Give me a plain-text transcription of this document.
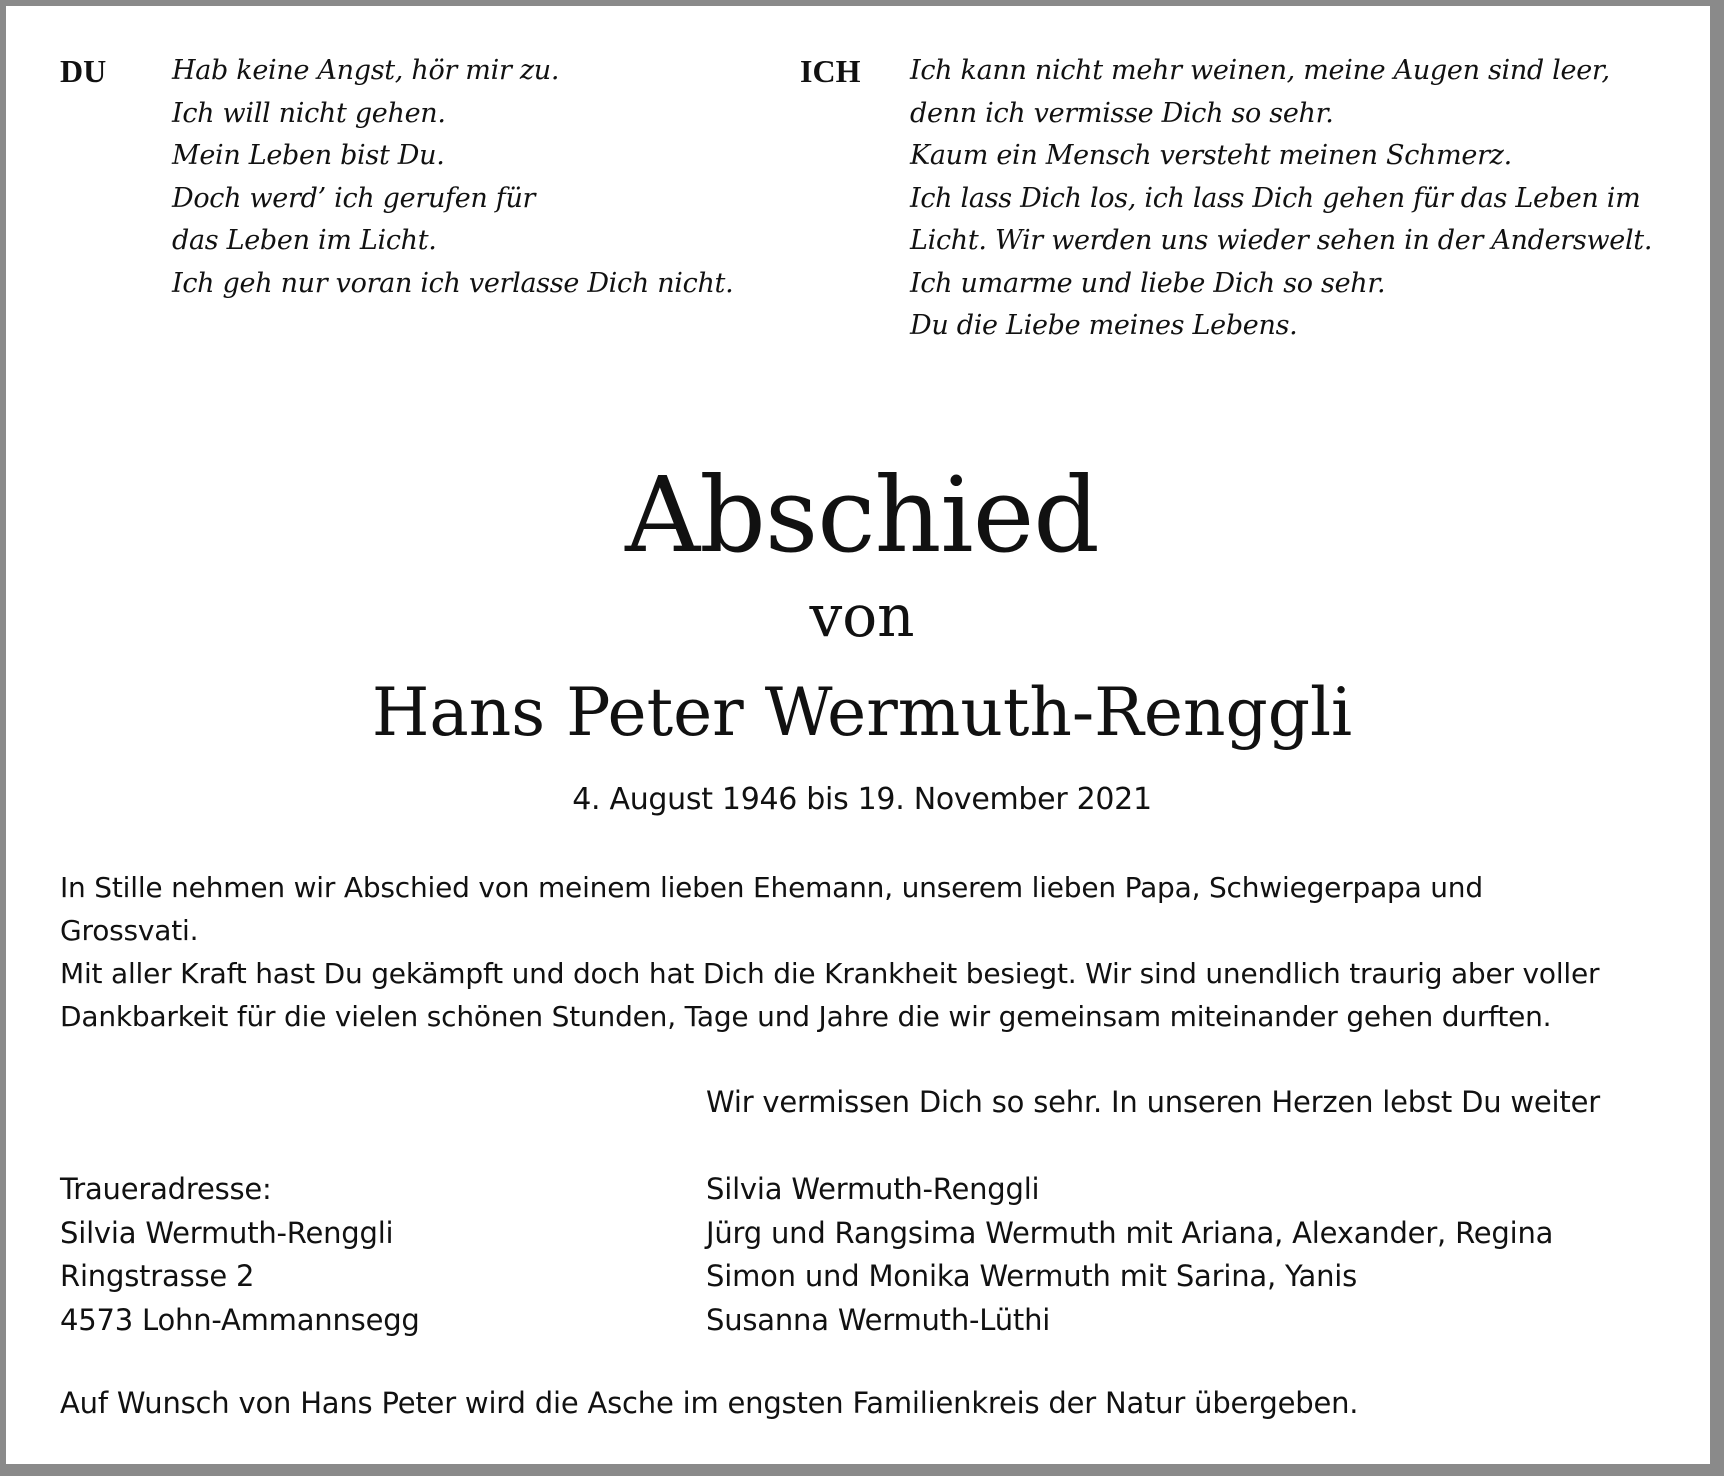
DU Hab keine Angst, hör mir zu.
Ich will nicht gehen.
Mein Leben bist Du.
Doch werd’ ich gerufen für
das Leben im Licht.
Ich geh nur voran ich verlasse Dich nicht.
ICH Ich kann nicht mehr weinen, meine Augen sind leer,
denn ich vermisse Dich so sehr.
Kaum ein Mensch versteht meinen Schmerz.
Ich lass Dich los, ich lass Dich gehen für das Leben im
Licht. Wir werden uns wieder sehen in der Anderswelt.
Ich umarme und liebe Dich so sehr.
Du die Liebe meines Lebens.
Abschied
von
Hans Peter Wermuth-Renggli
4. August 1946 bis 19. November 2021
In Stille nehmen wir Abschied von meinem lieben Ehemann, unserem lieben Papa, Schwiegerpapa und
Grossvati.
Mit aller Kraft hast Du gekämpft und doch hat Dich die Krankheit besiegt. Wir sind unendlich traurig aber voller
Dankbarkeit für die vielen schönen Stunden, Tage und Jahre die wir gemeinsam miteinander gehen durften.
Wir vermissen Dich so sehr. In unseren Herzen lebst Du weiter
Traueradresse:
Silvia Wermuth-Renggli
Ringstrasse 2
4573 Lohn-Ammannsegg
Silvia Wermuth-Renggli
Jürg und Rangsima Wermuth mit Ariana, Alexander, Regina
Simon und Monika Wermuth mit Sarina, Yanis
Susanna Wermuth-Lüthi
Auf Wunsch von Hans Peter wird die Asche im engsten Familienkreis der Natur übergeben.
